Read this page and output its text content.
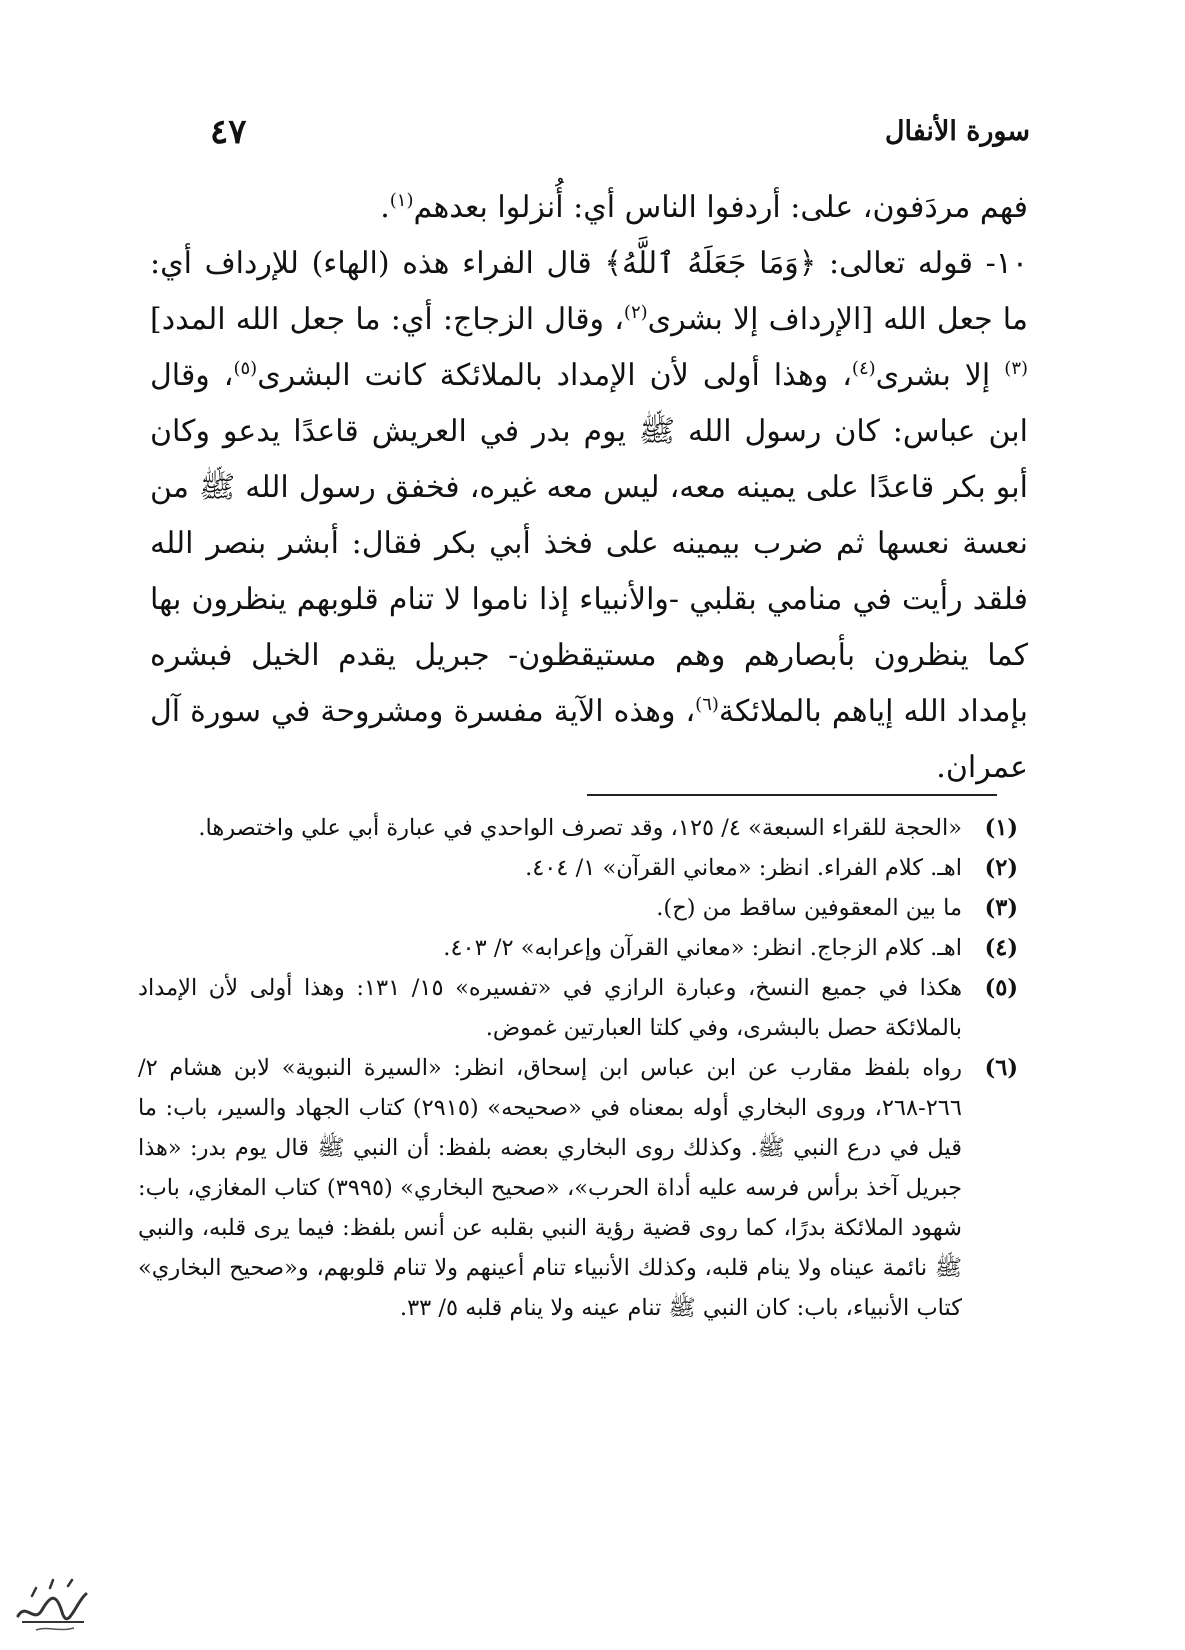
سورة الأنفال
٤٧

فهم مردَفون، على: أردفوا الناس أي: أُنزلوا بعدهم$^{(١)}$.

١٠- قوله تعالى: ﴿وَمَا جَعَلَهُ ٱللَّهُ﴾ قال الفراء هذه (الهاء) للإرداف أي: ما جعل الله [الإرداف إلا بشرى$^{(٢)}$، وقال الزجاج: أي: ما جعل الله المدد]$^{(٣)}$ إلا بشرى$^{(٤)}$، وهذا أولى لأن الإمداد بالملائكة كانت البشرى$^{(٥)}$، وقال ابن عباس: كان رسول الله ﷺ يوم بدر في العريش قاعدًا يدعو وكان أبو بكر قاعدًا على يمينه معه، ليس معه غيره، فخفق رسول الله ﷺ من نعسة نعسها ثم ضرب بيمينه على فخذ أبي بكر فقال: أبشر بنصر الله فلقد رأيت في منامي بقلبي -والأنبياء إذا ناموا لا تنام قلوبهم ينظرون بها كما ينظرون بأبصارهم وهم مستيقظون- جبريل يقدم الخيل فبشره بإمداد الله إياهم بالملائكة$^{(٦)}$، وهذه الآية مفسرة ومشروحة في سورة آل عمران.

(١)
«الحجة للقراء السبعة» ٤/ ١٢٥، وقد تصرف الواحدي في عبارة أبي علي واختصرها.
(٢)
اهـ. كلام الفراء. انظر: «معاني القرآن» ١/ ٤٠٤.
(٣)
ما بين المعقوفين ساقط من (ح).
(٤)
اهـ. كلام الزجاج. انظر: «معاني القرآن وإعرابه» ٢/ ٤٠٣.
(٥)
هكذا في جميع النسخ، وعبارة الرازي في «تفسيره» ١٥/ ١٣١: وهذا أولى لأن الإمداد بالملائكة حصل بالبشرى، وفي كلتا العبارتين غموض.
(٦)
رواه بلفظ مقارب عن ابن عباس ابن إسحاق، انظر: «السيرة النبوية» لابن هشام ٢/ ٢٦٦-٢٦٨، وروى البخاري أوله بمعناه في «صحيحه» (٢٩١٥) كتاب الجهاد والسير، باب: ما قيل في درع النبي ﷺ. وكذلك روى البخاري بعضه بلفظ: أن النبي ﷺ قال يوم بدر: «هذا جبريل آخذ برأس فرسه عليه أداة الحرب»، «صحيح البخاري» (٣٩٩٥) كتاب المغازي، باب: شهود الملائكة بدرًا، كما روى قضية رؤية النبي بقلبه عن أنس بلفظ: فيما يرى قلبه، والنبي ﷺ نائمة عيناه ولا ينام قلبه، وكذلك الأنبياء تنام أعينهم ولا تنام قلوبهم، و«صحيح البخاري» كتاب الأنبياء، باب: كان النبي ﷺ تنام عينه ولا ينام قلبه ٥/ ٣٣.
